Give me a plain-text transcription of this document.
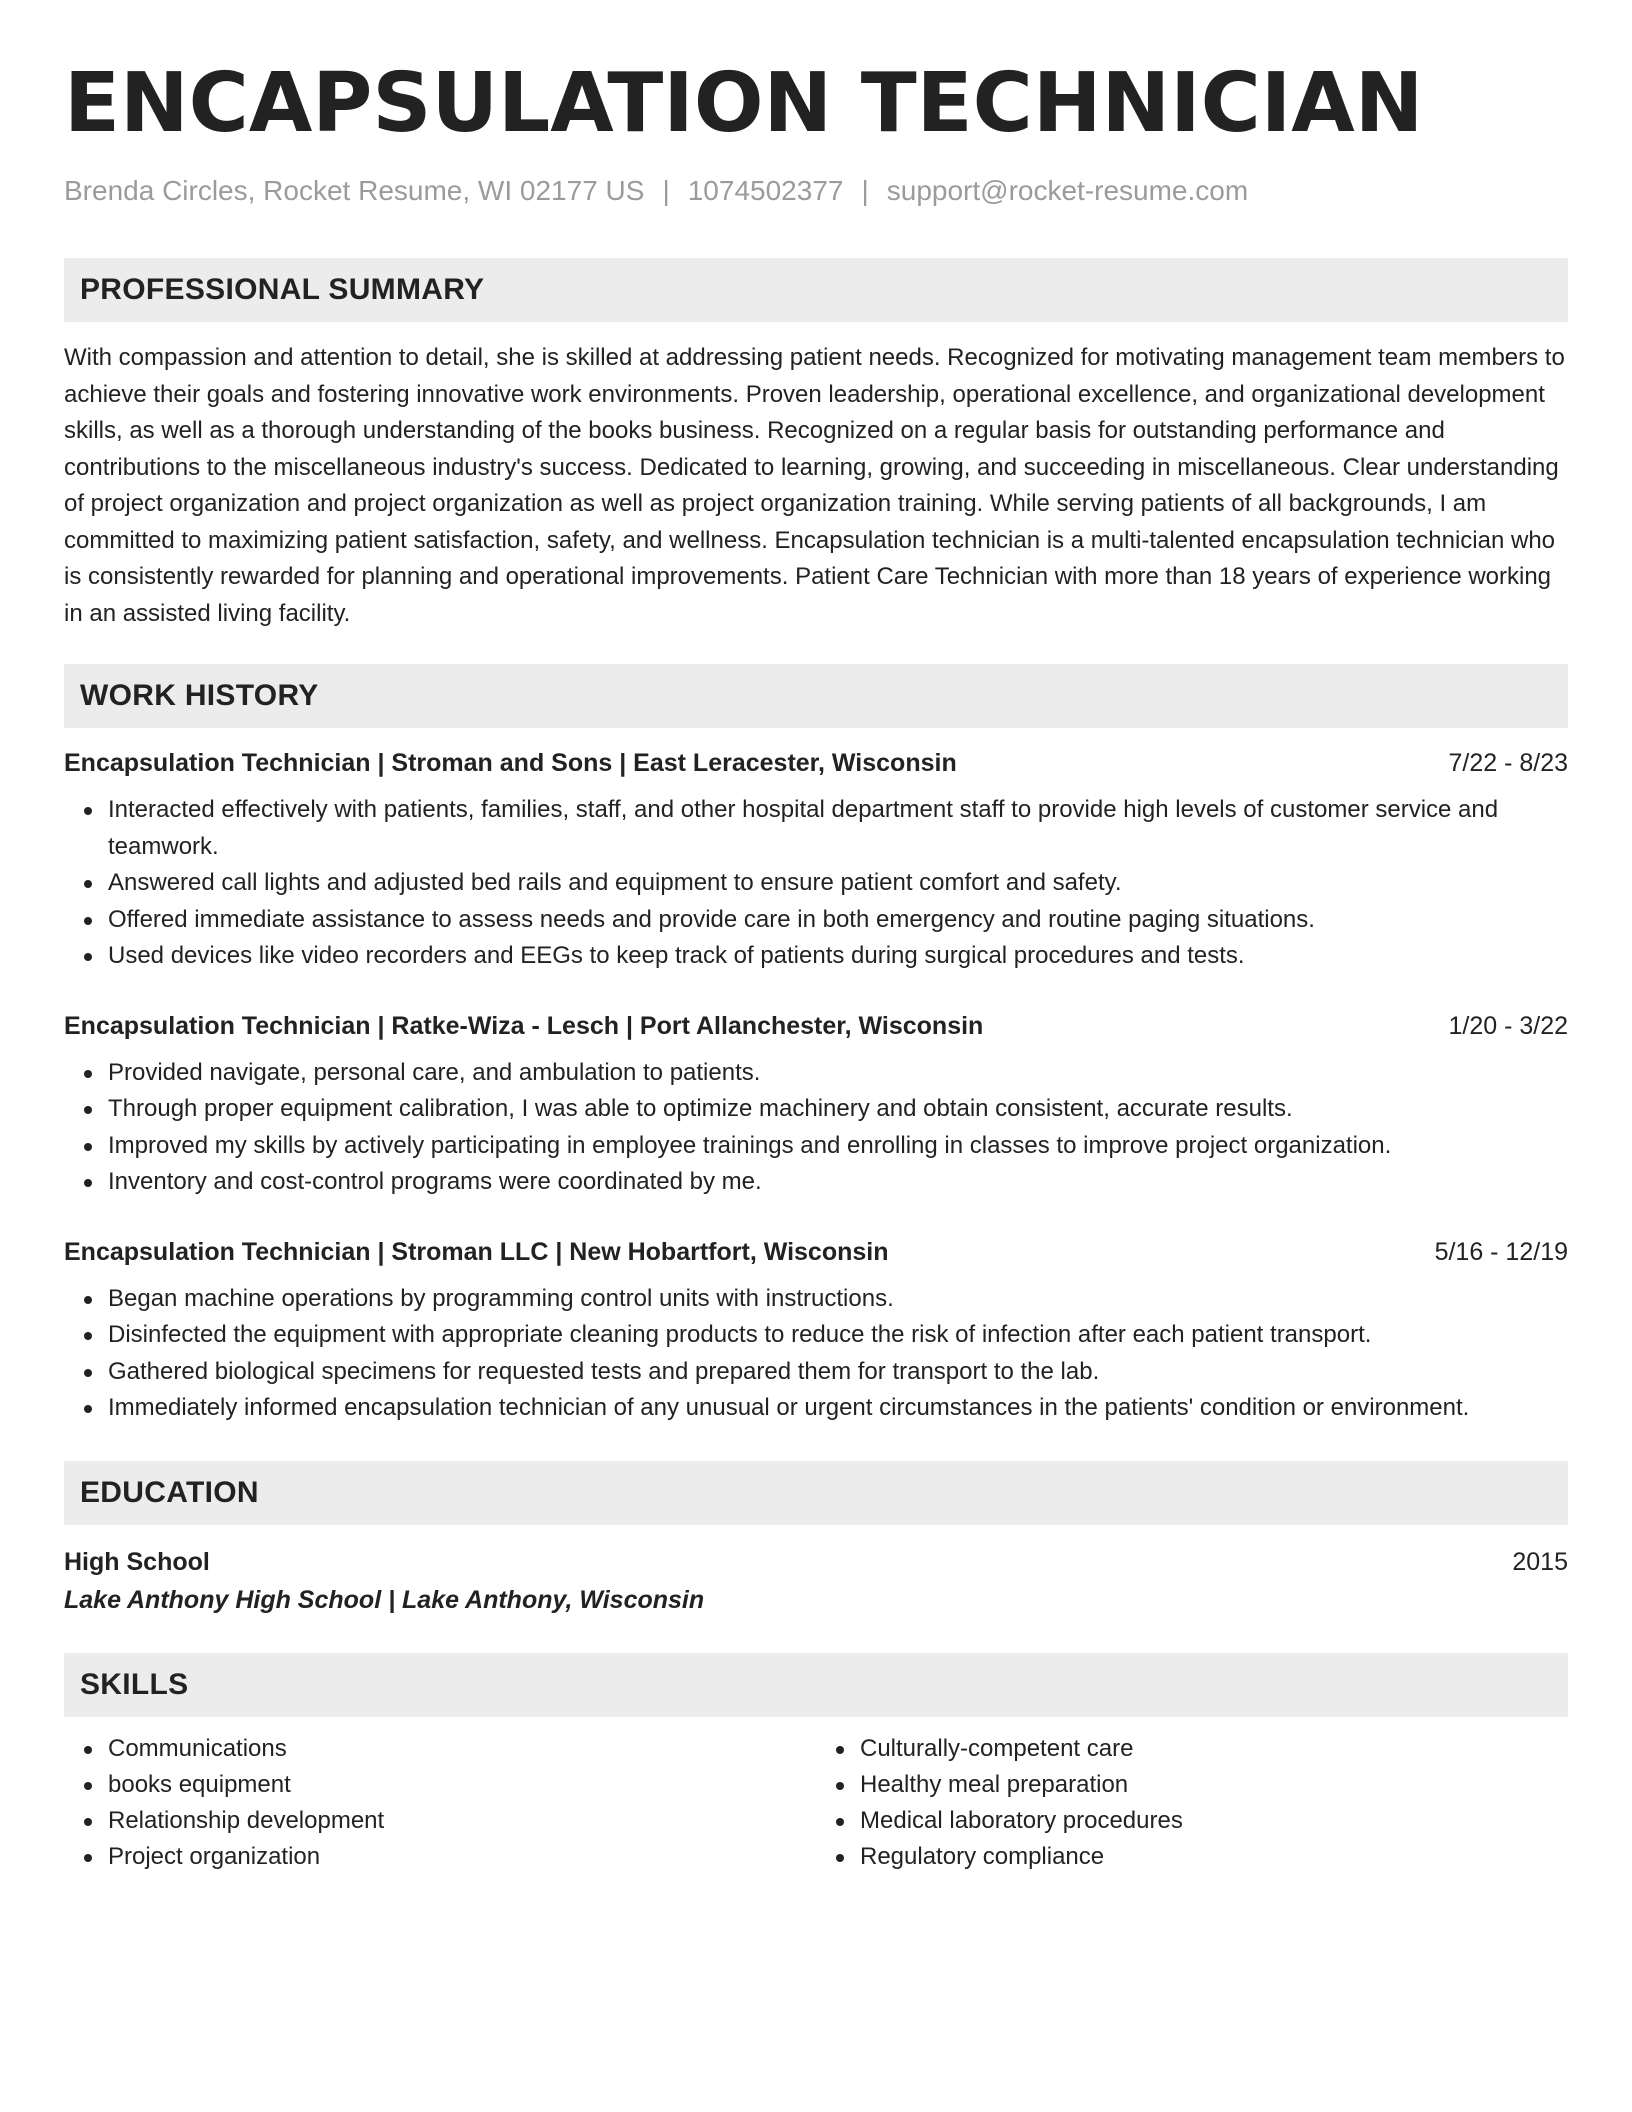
ENCAPSULATION TECHNICIAN
Brenda Circles, Rocket Resume, WI 02177 US | 1074502377 | support@rocket-resume.com
PROFESSIONAL SUMMARY
With compassion and attention to detail, she is skilled at addressing patient needs. Recognized for motivating management team members to achieve their goals and fostering innovative work environments. Proven leadership, operational excellence, and organizational development skills, as well as a thorough understanding of the books business. Recognized on a regular basis for outstanding performance and contributions to the miscellaneous industry's success. Dedicated to learning, growing, and succeeding in miscellaneous. Clear understanding of project organization and project organization as well as project organization training. While serving patients of all backgrounds, I am committed to maximizing patient satisfaction, safety, and wellness. Encapsulation technician is a multi-talented encapsulation technician who is consistently rewarded for planning and operational improvements. Patient Care Technician with more than 18 years of experience working in an assisted living facility.
WORK HISTORY
Encapsulation Technician | Stroman and Sons | East Leracester, Wisconsin	7/22 - 8/23
Interacted effectively with patients, families, staff, and other hospital department staff to provide high levels of customer service and teamwork.
Answered call lights and adjusted bed rails and equipment to ensure patient comfort and safety.
Offered immediate assistance to assess needs and provide care in both emergency and routine paging situations.
Used devices like video recorders and EEGs to keep track of patients during surgical procedures and tests.
Encapsulation Technician | Ratke-Wiza - Lesch | Port Allanchester, Wisconsin	1/20 - 3/22
Provided navigate, personal care, and ambulation to patients.
Through proper equipment calibration, I was able to optimize machinery and obtain consistent, accurate results.
Improved my skills by actively participating in employee trainings and enrolling in classes to improve project organization.
Inventory and cost-control programs were coordinated by me.
Encapsulation Technician | Stroman LLC | New Hobartfort, Wisconsin	5/16 - 12/19
Began machine operations by programming control units with instructions.
Disinfected the equipment with appropriate cleaning products to reduce the risk of infection after each patient transport.
Gathered biological specimens for requested tests and prepared them for transport to the lab.
Immediately informed encapsulation technician of any unusual or urgent circumstances in the patients' condition or environment.
EDUCATION
High School	2015
Lake Anthony High School | Lake Anthony, Wisconsin
SKILLS
Communications
books equipment
Relationship development
Project organization
Culturally-competent care
Healthy meal preparation
Medical laboratory procedures
Regulatory compliance
